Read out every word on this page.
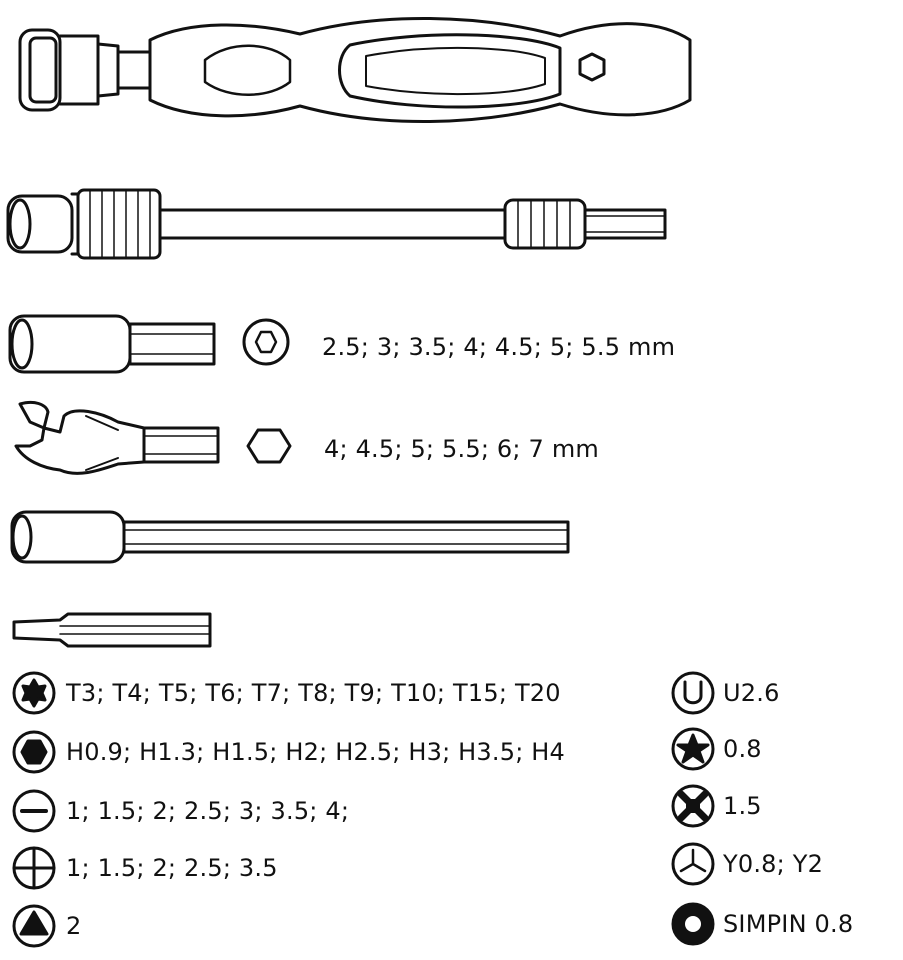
2.5; 3; 3.5; 4; 4.5; 5; 5.5 mm
4; 4.5; 5; 5.5; 6; 7 mm
T3; T4; T5; T6; T7; T8; T9; T10; T15; T20
H0.9; H1.3; H1.5; H2; H2.5; H3; H3.5; H4
1; 1.5; 2; 2.5; 3; 3.5; 4;
1; 1.5; 2; 2.5; 3.5
2
U2.6
0.8
1.5
Y0.8; Y2
SIMPIN 0.8
